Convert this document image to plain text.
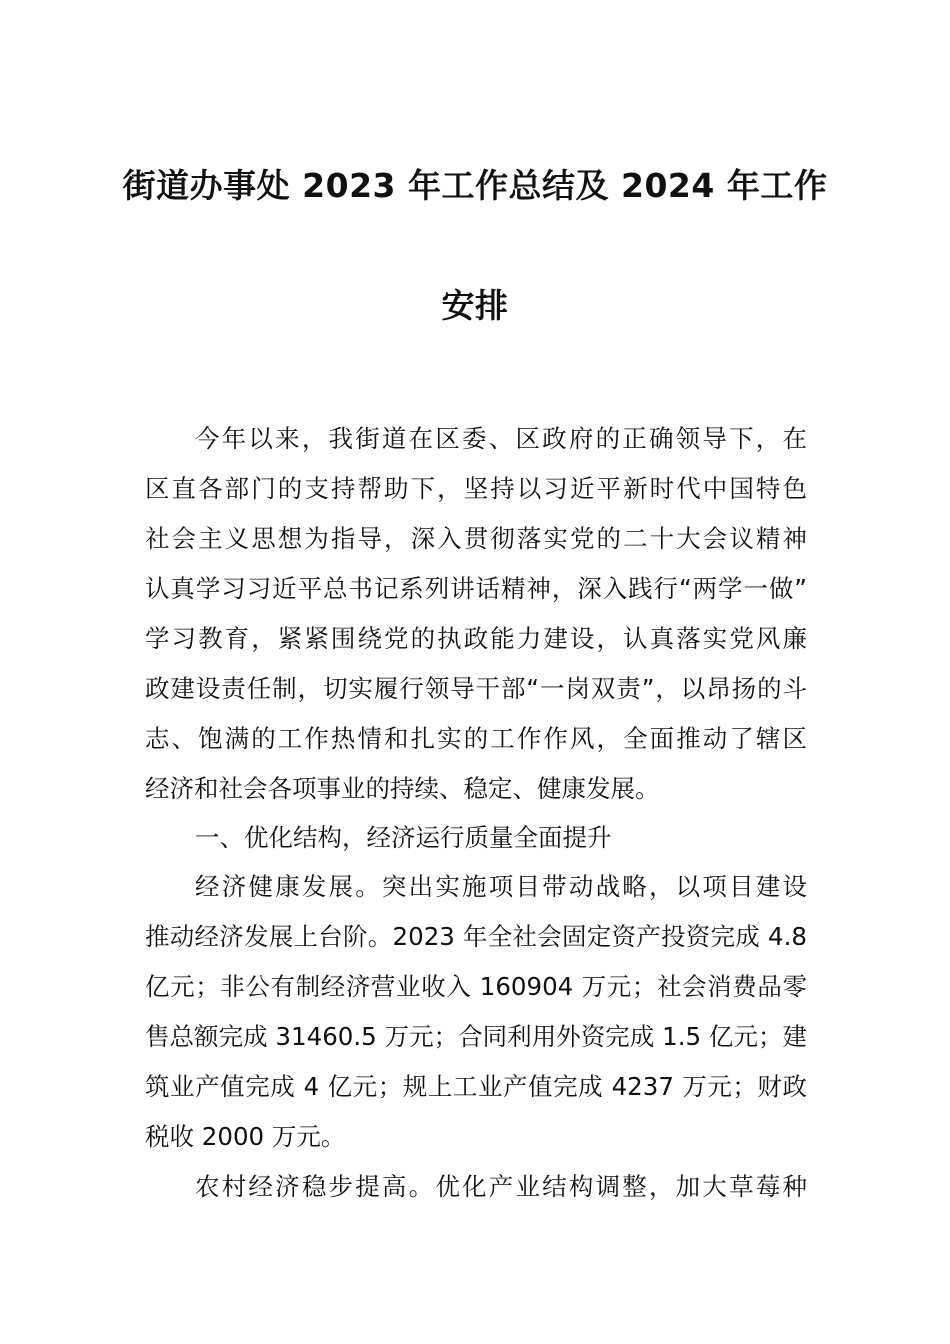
街道办事处 2023 年工作总结及 2024 年工作
安排
今年以来，我街道在区委、区政府的正确领导下，在
区直各部门的支持帮助下，坚持以习近平新时代中国特色
社会主义思想为指导，深入贯彻落实党的二十大会议精神
认真学习习近平总书记系列讲话精神，深入践行“两学一做”
学习教育，紧紧围绕党的执政能力建设，认真落实党风廉
政建设责任制，切实履行领导干部“一岗双责”，以昂扬的斗
志、饱满的工作热情和扎实的工作作风，全面推动了辖区
经济和社会各项事业的持续、稳定、健康发展。
一、优化结构，经济运行质量全面提升
经济健康发展。突出实施项目带动战略，以项目建设
推动经济发展上台阶。2023 年全社会固定资产投资完成 4.8
亿元；非公有制经济营业收入 160904 万元；社会消费品零
售总额完成 31460.5 万元；合同利用外资完成 1.5 亿元；建
筑业产值完成 4 亿元；规上工业产值完成 4237 万元；财政
税收 2000 万元。
农村经济稳步提高。优化产业结构调整，加大草莓种
